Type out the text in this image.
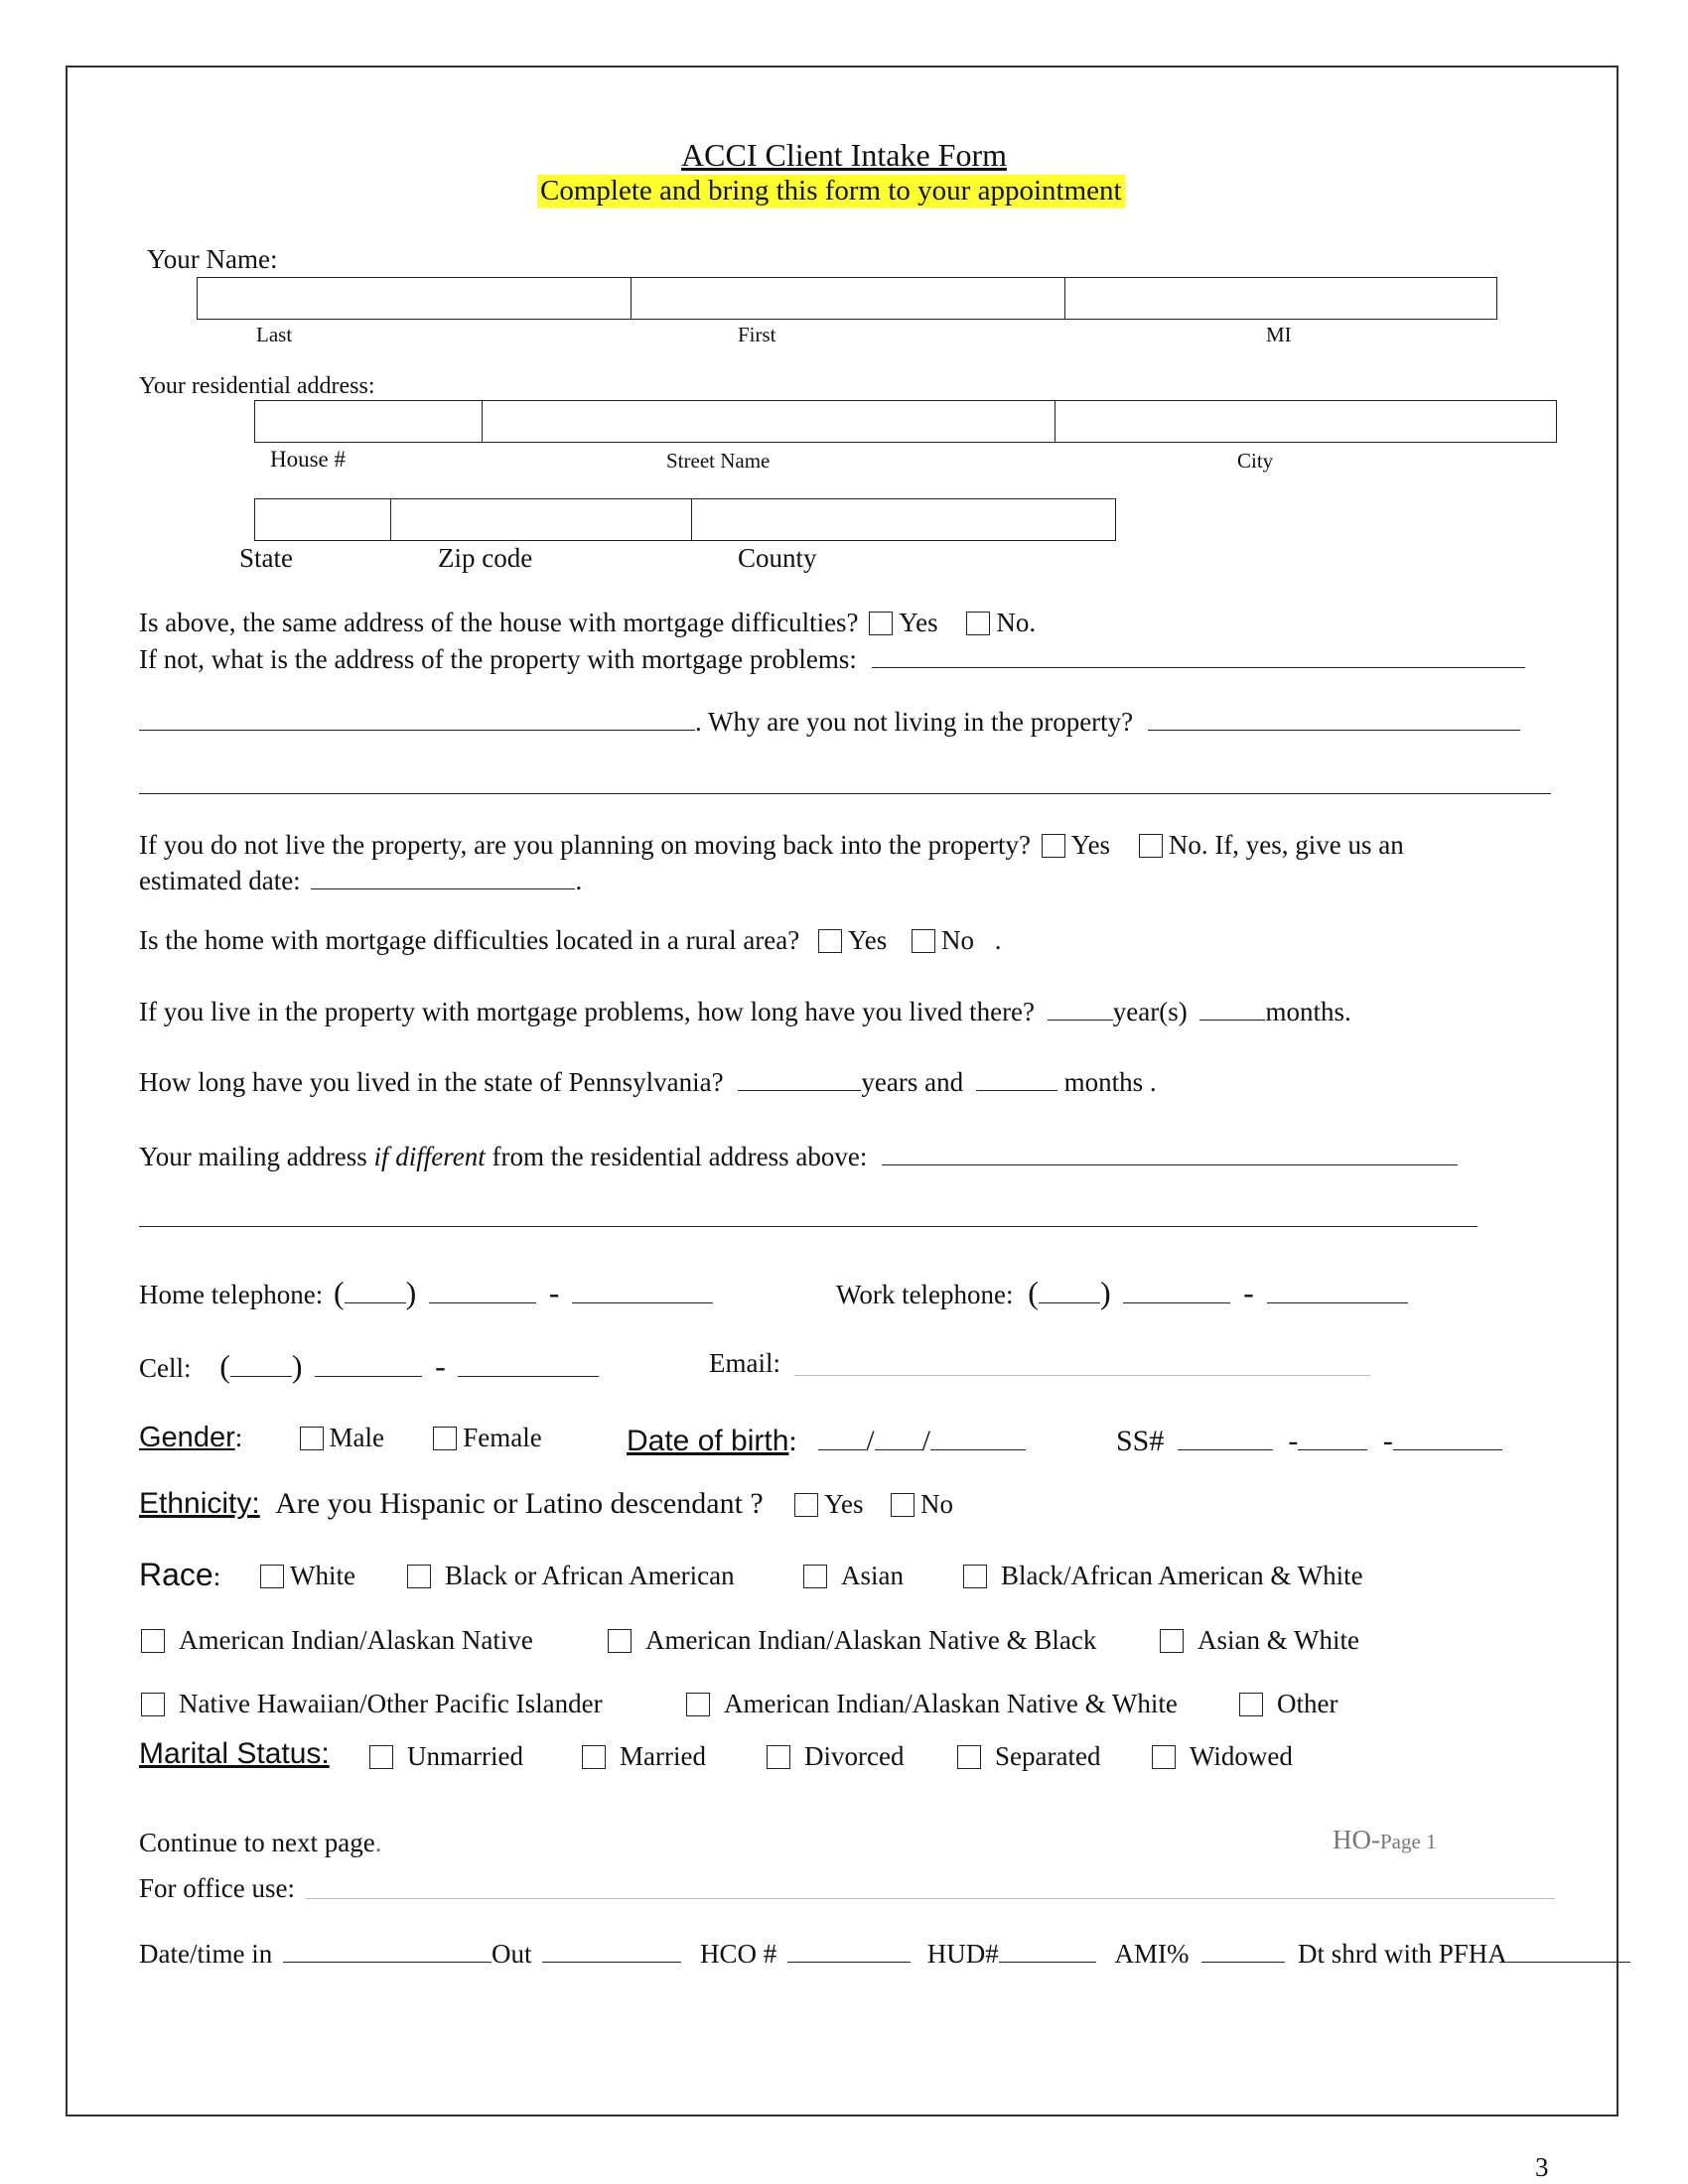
ACCI Client Intake Form
Complete and bring this form to your appointment
Your Name:
Last	First	MI
Your residential address:
House #	Street Name	City
State	Zip code	County
Is above, the same address of the house with mortgage difficulties? Yes No.
If not, what is the address of the property with mortgage problems:
. Why are you not living in the property?
If you do not live the property, are you planning on moving back into the property? Yes No. If, yes, give us an
estimated date:	.
Is the home with mortgage difficulties located in a rural area? Yes No .
If you live in the property with mortgage problems, how long have you lived there?	year(s)	months.
How long have you lived in the state of Pennsylvania?	years and	months .
Your mailing address if different from the residential address above:
Home telephone: ( )	-	Work telephone: ( )	-
Cell: ( )	-	Email:
Gender:	Male	Female	Date of birth: / /	SS#	-	-
Ethnicity: Are you Hispanic or Latino descendant ? Yes No
Race:	White	Black or African American	Asian	Black/African American & White
American Indian/Alaskan Native	American Indian/Alaskan Native & Black	Asian & White
Native Hawaiian/Other Pacific Islander	American Indian/Alaskan Native & White	Other
Marital Status:	Unmarried	Married	Divorced	Separated	Widowed
Continue to next page.	HO-Page 1
For office use:
Date/time in	Out	HCO #	HUD#	AMI%	Dt shrd with PFHA
3
